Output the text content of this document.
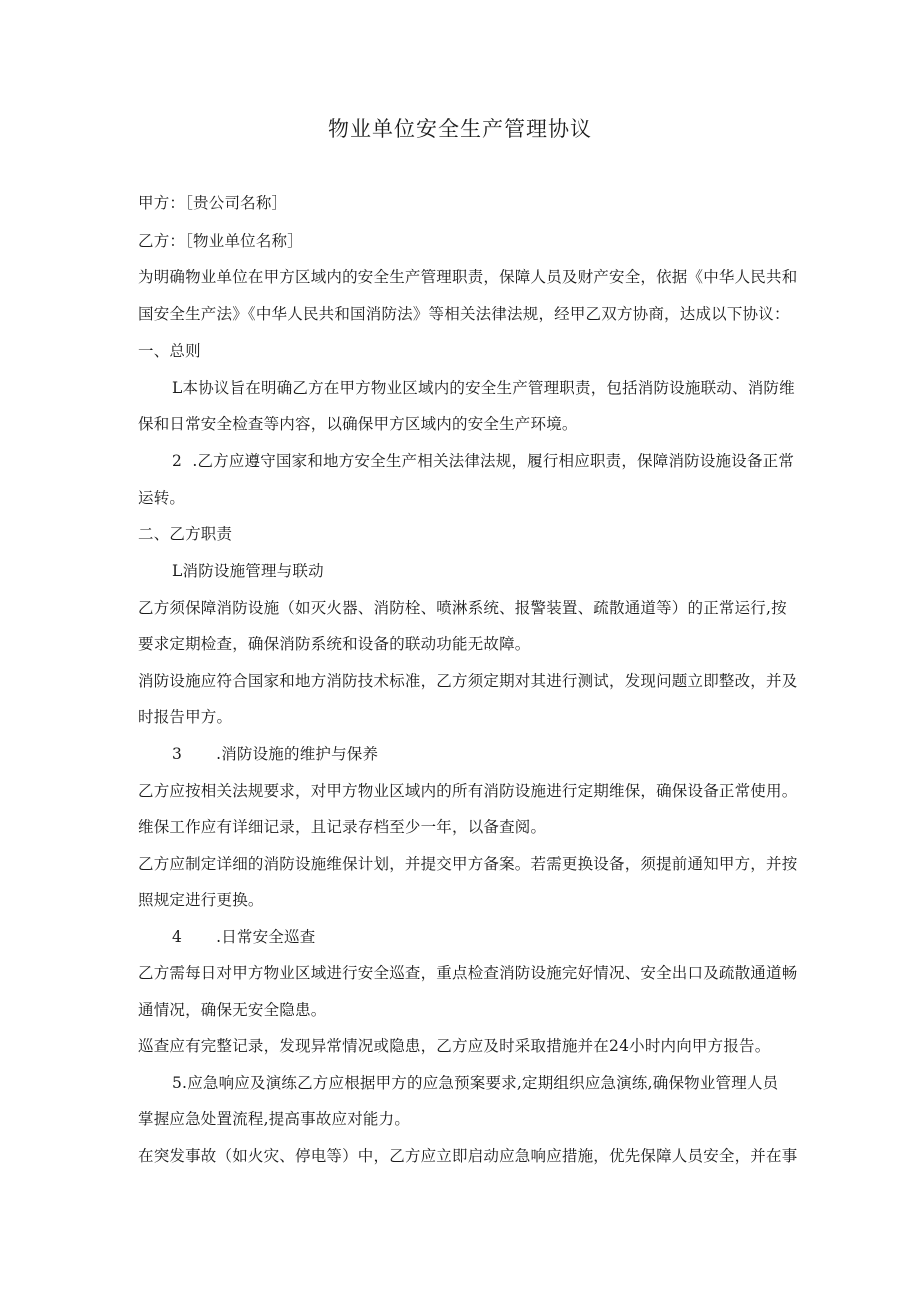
物业单位安全生产管理协议
甲方：［贵公司名称］
乙方：［物业单位名称］
为明确物业单位在甲方区域内的安全生产管理职责，保障人员及财产安全，依据《中华人民共和
国安全生产法》《中华人民共和国消防法》等相关法律法规，经甲乙双方协商，达成以下协议：
一、总则
L本协议旨在明确乙方在甲方物业区域内的安全生产管理职责，包括消防设施联动、消防维
保和日常安全检查等内容，以确保甲方区域内的安全生产环境。
2 .乙方应遵守国家和地方安全生产相关法律法规，履行相应职责，保障消防设施设备正常
运转。
二、乙方职责
L消防设施管理与联动
乙方须保障消防设施（如灭火器、消防栓、喷淋系统、报警装置、疏散通道等）的正常运行,按
要求定期检查，确保消防系统和设备的联动功能无故障。
消防设施应符合国家和地方消防技术标准，乙方须定期对其进行测试，发现问题立即整改，并及
时报告甲方。
3 .消防设施的维护与保养
乙方应按相关法规要求，对甲方物业区域内的所有消防设施进行定期维保，确保设备正常使用。
维保工作应有详细记录，且记录存档至少一年，以备查阅。
乙方应制定详细的消防设施维保计划，并提交甲方备案。若需更换设备，须提前通知甲方，并按
照规定进行更换。
4 .日常安全巡查
乙方需每日对甲方物业区域进行安全巡查，重点检查消防设施完好情况、安全出口及疏散通道畅
通情况，确保无安全隐患。
巡查应有完整记录，发现异常情况或隐患，乙方应及时采取措施并在24小时内向甲方报告。
5.应急响应及演练乙方应根据甲方的应急预案要求,定期组织应急演练,确保物业管理人员
掌握应急处置流程,提高事故应对能力。
在突发事故（如火灾、停电等）中，乙方应立即启动应急响应措施，优先保障人员安全，并在事
